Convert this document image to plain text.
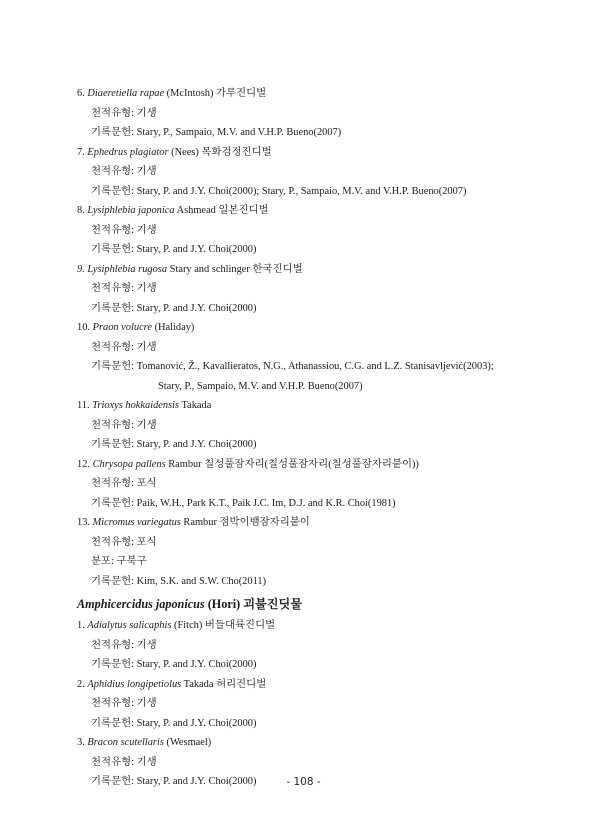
6. Diaeretiella rapae (McIntosh) 가루진디벌
천적유형: 기생
기록문헌: Stary, P., Sampaio, M.V. and V.H.P. Bueno(2007)
7. Ephedrus plagiator (Nees) 목화검정진디벌
천적유형: 기생
기록문헌: Stary, P. and J.Y. Choi(2000); Stary, P., Sampaio, M.V. and V.H.P. Bueno(2007)
8. Lysiphlebia japonica Ashmead 일본진디벌
천적유형: 기생
기록문헌: Stary, P. and J.Y. Choi(2000)
9. Lysiphlebia rugosa Stary and schlinger 한국진디벌
천적유형: 기생
기록문헌: Stary, P. and J.Y. Choi(2000)
10. Praon volucre (Haliday)
천적유형: 기생
기록문헌: Tomanović, Ž., Kavallieratos, N.G., Athanassiou, C.G. and L.Z. Stanisavljević(2003);
Stary, P., Sampaio, M.V. and V.H.P. Bueno(2007)
11. Trioxys hokkaidensis Takada
천적유형: 기생
기록문헌: Stary, P. and J.Y. Choi(2000)
12. Chrysopa pallens Rambur 칠성풀잠자리(칠성풀잠자리(칠성풀잠자리붙이))
천적유형: 포식
기록문헌: Paik, W.H., Park K.T., Paik J.C. Im, D.J. and K.R. Choi(1981)
13. Micromus variegatus Rambur 점박이뱀잠자리붙이
천적유형: 포식
분포: 구북구
기록문헌: Kim, S.K. and S.W. Cho(2011)
Amphicercidus japonicus (Hori) 괴불진딧물
1. Adialytus salicaphis (Fitch) 버들대륙진디벌
천적유형: 기생
기록문헌: Stary, P. and J.Y. Choi(2000)
2. Aphidius longipetiolus Takada 허리진디벌
천적유형: 기생
기록문헌: Stary, P. and J.Y. Choi(2000)
3. Bracon scutellaris (Wesmael)
천적유형: 기생
기록문헌: Stary, P. and J.Y. Choi(2000)	- 108 -
